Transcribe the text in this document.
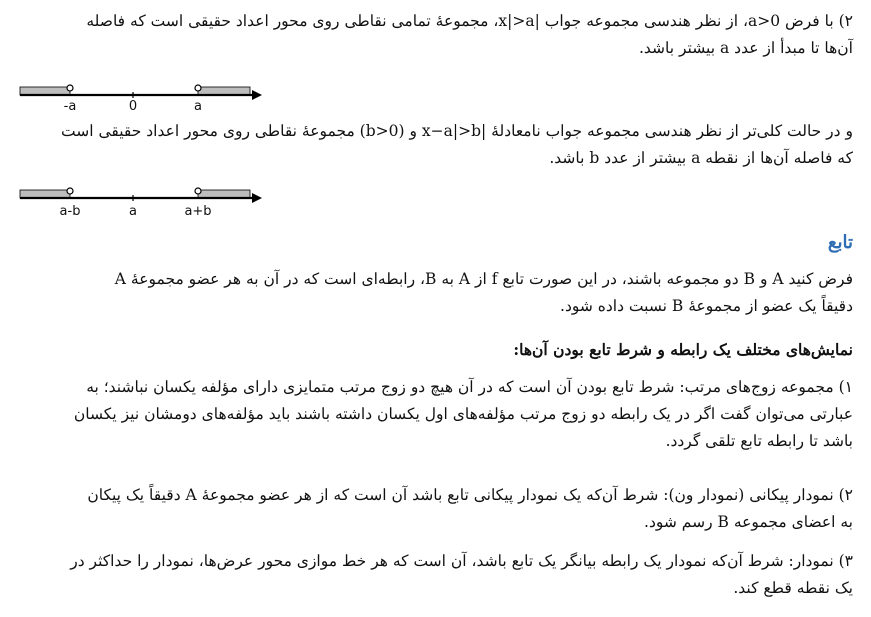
۲) با فرض a>0، از نظر هندسی مجموعه جواب |x|>a، مجموعهٔ تمامی نقاطی روی محور اعداد حقیقی است که فاصله
آن‌ها تا مبدأ از عدد a بیشتر باشد.
-a	0	a
و در حالت کلی‌تر از نظر هندسی مجموعه جواب نامعادلهٔ |x−a|>b و (b>0) مجموعهٔ نقاطی روی محور اعداد حقیقی است
که فاصله آن‌ها از نقطه a بیشتر از عدد b باشد.
a-b	a	a+b
تابع
فرض کنید A و B دو مجموعه باشند، در این صورت تابع f از A به B، رابطه‌ای است که در آن به هر عضو مجموعهٔ A
دقیقاً یک عضو از مجموعهٔ B نسبت داده شود.
نمایش‌های مختلف یک رابطه و شرط تابع بودن آن‌ها:
۱) مجموعه زوج‌های مرتب: شرط تابع بودن آن است که در آن هیچ دو زوج مرتب متمایزی دارای مؤلفه یکسان نباشند؛ به
عبارتی می‌توان گفت اگر در یک رابطه دو زوج مرتب مؤلفه‌های اول یکسان داشته باشند باید مؤلفه‌های دومشان نیز یکسان
باشد تا رابطه تابع تلقی گردد.
۲) نمودار پیکانی (نمودار ون): شرط آن‌که یک نمودار پیکانی تابع باشد آن است که از هر عضو مجموعهٔ A دقیقاً یک پیکان
به اعضای مجموعه B رسم شود.
۳) نمودار: شرط آن‌که نمودار یک رابطه بیانگر یک تابع باشد، آن است که هر خط موازی محور عرض‌ها، نمودار را حداکثر در
یک نقطه قطع کند.
